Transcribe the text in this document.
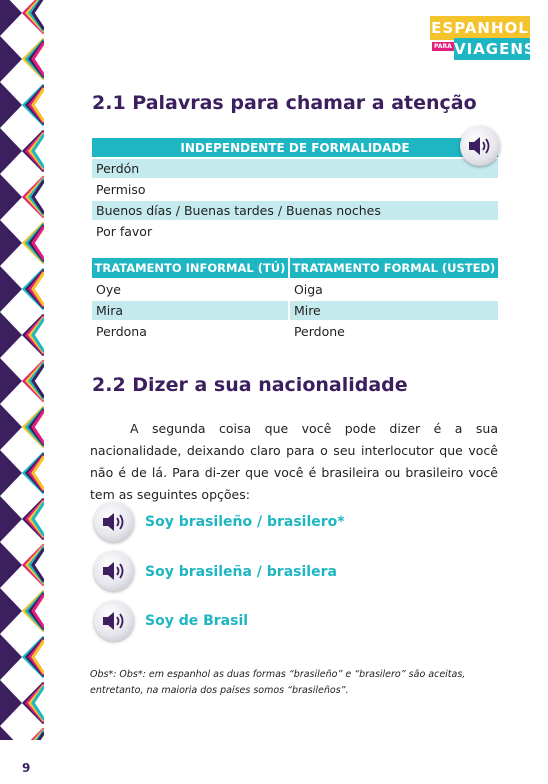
ESPANHOL
VIAGENS
PARA
2.1 Palavras para chamar a atenção
INDEPENDENTE DE FORMALIDADE
Perdón
Permiso
Buenos días / Buenas tardes / Buenas noches
Por favor
TRATAMENTO INFORMAL (TÚ)	TRATAMENTO FORMAL (USTED)
Oye	Oiga
Mira	Mire
Perdona	Perdone
2.2 Dizer a sua nacionalidade

A segunda coisa que você pode dizer é a sua nacionalidade, deixando claro para o seu interlocutor que você não é de lá. Para di-zer que você é brasileira ou brasileiro você tem as seguintes opções:

Soy brasileño / brasilero*
Soy brasileña / brasilera
Soy de Brasil

Obs*: Obs*: em espanhol as duas formas “brasileño” e “brasilero” são aceitas, entretanto, na maioria dos países somos “brasileños”.

9
